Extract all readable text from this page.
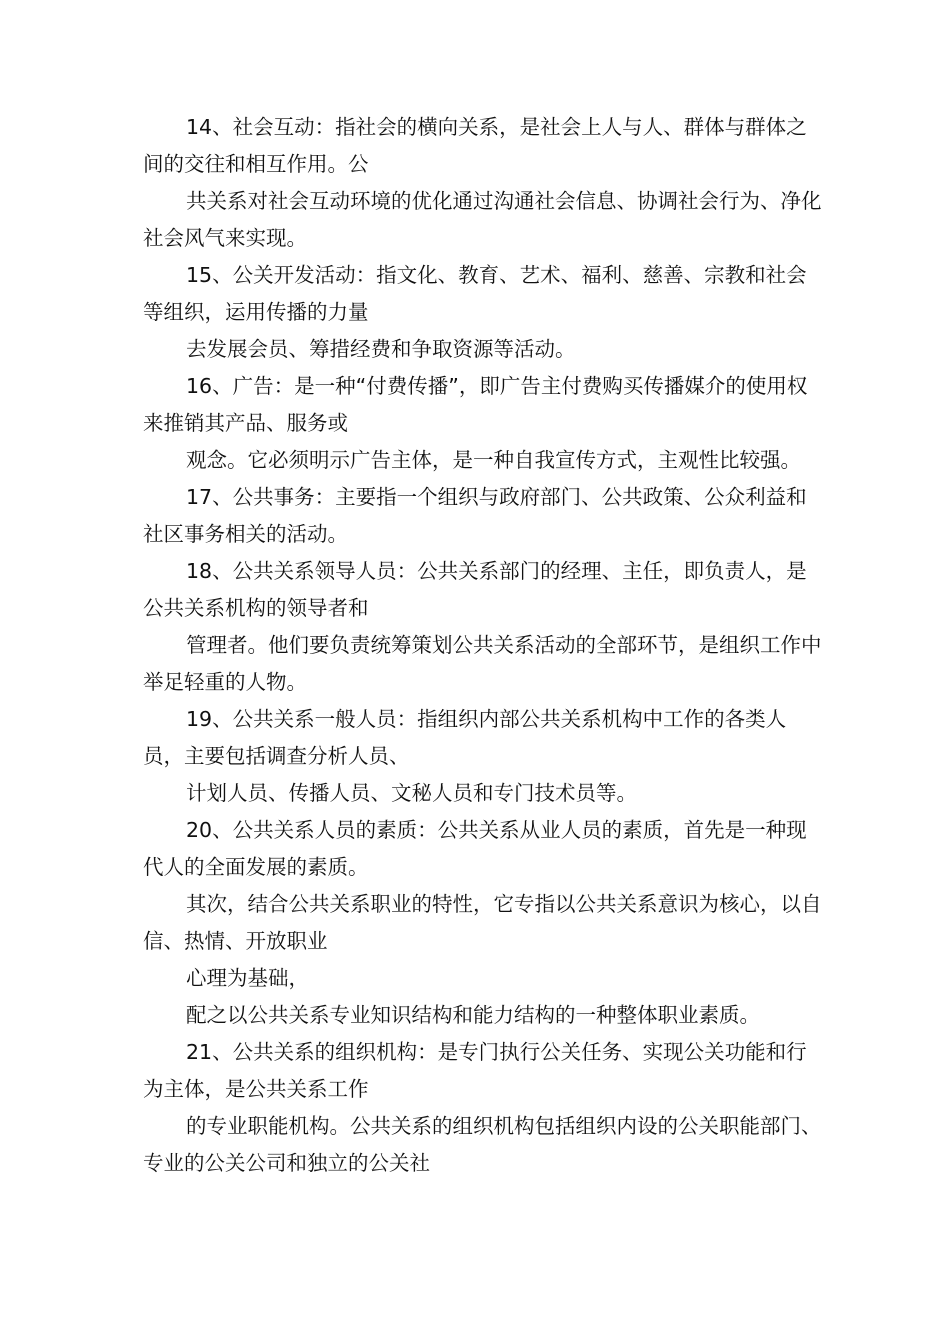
14、社会互动：指社会的横向关系，是社会上人与人、群体与群体之间的交往和相互作用。公

共关系对社会互动环境的优化通过沟通社会信息、协调社会行为、净化社会风气来实现。

15、公关开发活动：指文化、教育、艺术、福利、慈善、宗教和社会等组织，运用传播的力量

去发展会员、筹措经费和争取资源等活动。

16、广告：是一种“付费传播”，即广告主付费购买传播媒介的使用权来推销其产品、服务或

观念。它必须明示广告主体，是一种自我宣传方式，主观性比较强。

17、公共事务：主要指一个组织与政府部门、公共政策、公众利益和社区事务相关的活动。

18、公共关系领导人员：公共关系部门的经理、主任，即负责人，是公共关系机构的领导者和

管理者。他们要负责统筹策划公共关系活动的全部环节，是组织工作中举足轻重的人物。

19、公共关系一般人员：指组织内部公共关系机构中工作的各类人员，主要包括调查分析人员、

计划人员、传播人员、文秘人员和专门技术员等。

20、公共关系人员的素质：公共关系从业人员的素质，首先是一种现代人的全面发展的素质。

其次，结合公共关系职业的特性，它专指以公共关系意识为核心，以自信、热情、开放职业

心理为基础，

配之以公共关系专业知识结构和能力结构的一种整体职业素质。

21、公共关系的组织机构：是专门执行公关任务、实现公关功能和行为主体，是公共关系工作

的专业职能机构。公共关系的组织机构包括组织内设的公关职能部门、专业的公关公司和独立的公关社
